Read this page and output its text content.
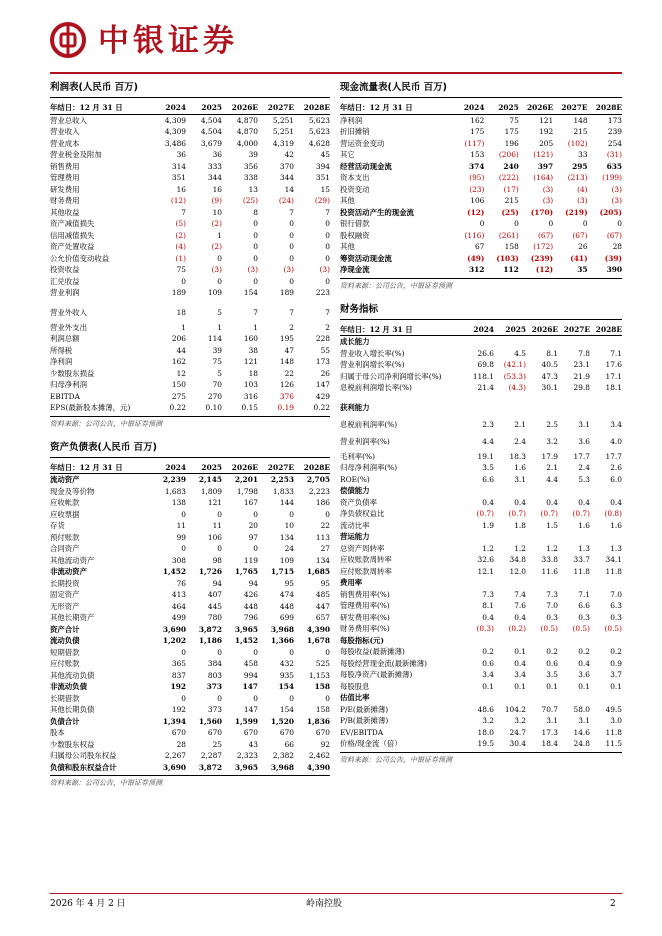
中银证券
利润表(人民币 百万)
年结日：12 月 31 日	2024	2025	2026E	2027E	2028E
营业总收入	4,309	4,504	4,870	5,251	5,623
营业收入	4,309	4,504	4,870	5,251	5,623
营业成本	3,486	3,679	4,000	4,319	4,628
营业税金及附加	36	36	39	42	45
销售费用	314	333	356	370	394
管理费用	351	344	338	344	351
研发费用	16	16	13	14	15
财务费用	(12)	(9)	(25)	(24)	(29)
其他收益	7	10	8	7	7
资产减值损失	(5)	(2)	0	0	0
信用减值损失	(2)	1	0	0	0
资产处置收益	(4)	(2)	0	0	0
公允价值变动收益	(1)	0	0	0	0
投资收益	75	(3)	(3)	(3)	(3)
汇兑收益	0	0	0	0	0
营业利润	189	109	154	189	223

营业外收入	18	5	7	7	7
营业外支出	1	1	1	2	2
利润总额	206	114	160	195	228
所得税	44	39	38	47	55
净利润	162	75	121	148	173
少数股东损益	12	5	18	22	26
归母净利润	150	70	103	126	147
EBITDA	275	270	316	376	429
EPS(最新股本摊薄，元)	0.22	0.10	0.15	0.19	0.22
资料来源：公司公告，中银证券预测
资产负债表(人民币 百万)
年结日：12 月 31 日	2024	2025	2026E	2027E	2028E
流动资产	2,239	2,145	2,201	2,253	2,705
现金及等价物	1,683	1,809	1,798	1,833	2,223
应收帐款	138	121	167	144	186
应收票据	0	0	0	0	0
存货	11	11	20	10	22
预付账款	99	106	97	134	113
合同资产	0	0	0	24	27
其他流动资产	308	98	119	109	134
非流动资产	1,452	1,726	1,765	1,715	1,685
长期投资	76	94	94	95	95
固定资产	413	407	426	474	485
无形资产	464	445	448	448	447
其他长期资产	499	780	796	699	657
资产合计	3,690	3,872	3,965	3,968	4,390
流动负债	1,202	1,186	1,452	1,366	1,678
短期借款	0	0	0	0	0
应付账款	365	384	458	432	525
其他流动负债	837	803	994	935	1,153
非流动负债	192	373	147	154	158
长期借款	0	0	0	0	0
其他长期负债	192	373	147	154	158
负债合计	1,394	1,560	1,599	1,520	1,836
股本	670	670	670	670	670
少数股东权益	28	25	43	66	92
归属母公司股东权益	2,267	2,287	2,323	2,382	2,462
负债和股东权益合计	3,690	3,872	3,965	3,968	4,390
资料来源：公司公告，中银证券预测
现金流量表(人民币 百万)
年结日：12 月 31 日	2024	2025	2026E	2027E	2028E
净利润	162	75	121	148	173
折旧摊销	175	175	192	215	239
营运资金变动	(117)	196	205	(102)	254
其它	153	(206)	(121)	33	(31)
经营活动现金流	374	240	397	295	635
资本支出	(95)	(222)	(164)	(213)	(199)
投资变动	(23)	(17)	(3)	(4)	(3)
其他	106	215	(3)	(3)	(3)
投资活动产生的现金流	(12)	(25)	(170)	(219)	(205)
银行借款	0	0	0	0	0
股权融资	(116)	(261)	(67)	(67)	(67)
其他	67	158	(172)	26	28
筹资活动现金流	(49)	(103)	(239)	(41)	(39)
净现金流	312	112	(12)	35	390
资料来源：公司公告，中银证券预测
财务指标
年结日：12 月 31 日	2024	2025	2026E	2027E	2028E
成长能力					
营业收入增长率(%)	26.6	4.5	8.1	7.8	7.1
营业利润增长率(%)	69.8	(42.1)	40.5	23.1	17.6
归属于母公司净利润增长率(%)	118.1	(53.3)	47.3	21.9	17.1
息税前利润增长率(%)	21.4	(4.3)	30.1	29.8	18.1

获利能力					
息税前利润率(%)	2.3	2.1	2.5	3.1	3.4
营业利润率(%)	4.4	2.4	3.2	3.6	4.0
毛利率(%)	19.1	18.3	17.9	17.7	17.7
归母净利润率(%)	3.5	1.6	2.1	2.4	2.6
ROE(%)	6.6	3.1	4.4	5.3	6.0
偿债能力					
资产负债率	0.4	0.4	0.4	0.4	0.4
净负债权益比	(0.7)	(0.7)	(0.7)	(0.7)	(0.8)
流动比率	1.9	1.8	1.5	1.6	1.6
营运能力					
总资产周转率	1.2	1.2	1.2	1.3	1.3
应收账款周转率	32.6	34.8	33.8	33.7	34.1
应付账款周转率	12.1	12.0	11.6	11.8	11.8
费用率					
销售费用率(%)	7.3	7.4	7.3	7.1	7.0
管理费用率(%)	8.1	7.6	7.0	6.6	6.3
研发费用率(%)	0.4	0.4	0.3	0.3	0.3
财务费用率(%)	(0.3)	(0.2)	(0.5)	(0.5)	(0.5)
每股指标(元)					
每股收益(最新摊薄)	0.2	0.1	0.2	0.2	0.2
每股经营现金流(最新摊薄)	0.6	0.4	0.6	0.4	0.9
每股净资产(最新摊薄)	3.4	3.4	3.5	3.6	3.7
每股股息	0.1	0.1	0.1	0.1	0.1
估值比率					
P/E(最新摊薄)	48.6	104.2	70.7	58.0	49.5
P/B(最新摊薄)	3.2	3.2	3.1	3.1	3.0
EV/EBITDA	18.0	24.7	17.3	14.6	11.8
价格/现金流（倍）	19.5	30.4	18.4	24.8	11.5
资料来源：公司公告，中银证券预测
2026 年 4 月 2 日	岭南控股	2
